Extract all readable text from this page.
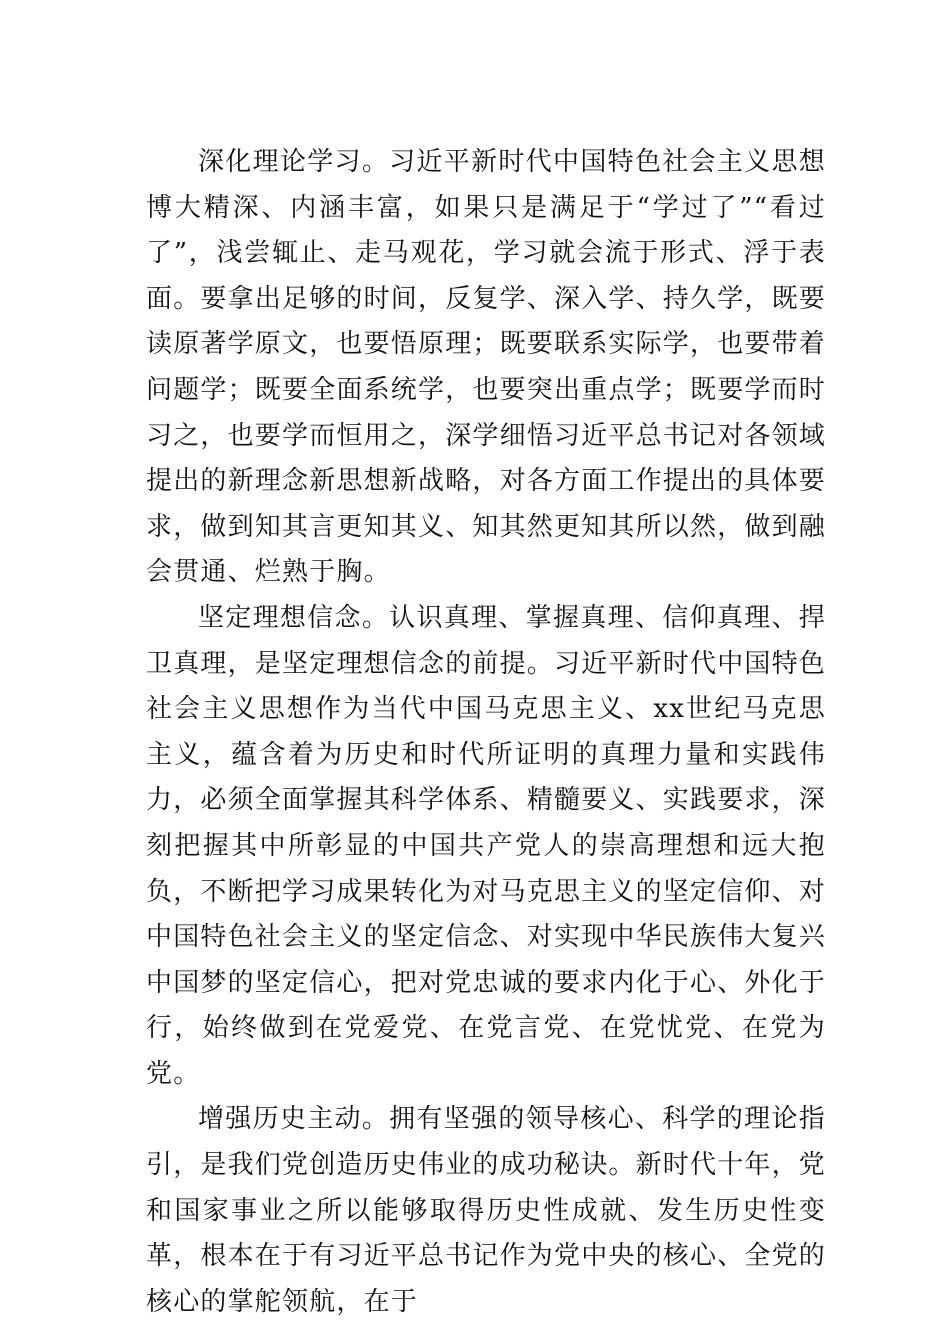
深化理论学习。习近平新时代中国特色社会主义思想博大精深、内涵丰富，如果只是满足于“学过了”“看过了”，浅尝辄止、走马观花，学习就会流于形式、浮于表面。要拿出足够的时间，反复学、深入学、持久学，既要读原著学原文，也要悟原理；既要联系实际学，也要带着问题学；既要全面系统学，也要突出重点学；既要学而时习之，也要学而恒用之，深学细悟习近平总书记对各领域提出的新理念新思想新战略，对各方面工作提出的具体要求，做到知其言更知其义、知其然更知其所以然，做到融会贯通、烂熟于胸。

坚定理想信念。认识真理、掌握真理、信仰真理、捍卫真理，是坚定理想信念的前提。习近平新时代中国特色社会主义思想作为当代中国马克思主义、xx世纪马克思主义，蕴含着为历史和时代所证明的真理力量和实践伟力，必须全面掌握其科学体系、精髓要义、实践要求，深刻把握其中所彰显的中国共产党人的崇高理想和远大抱负，不断把学习成果转化为对马克思主义的坚定信仰、对中国特色社会主义的坚定信念、对实现中华民族伟大复兴中国梦的坚定信心，把对党忠诚的要求内化于心、外化于行，始终做到在党爱党、在党言党、在党忧党、在党为党。

增强历史主动。拥有坚强的领导核心、科学的理论指引，是我们党创造历史伟业的成功秘诀。新时代十年，党和国家事业之所以能够取得历史性成就、发生历史性变革，根本在于有习近平总书记作为党中央的核心、全党的核心的掌舵领航，在于
